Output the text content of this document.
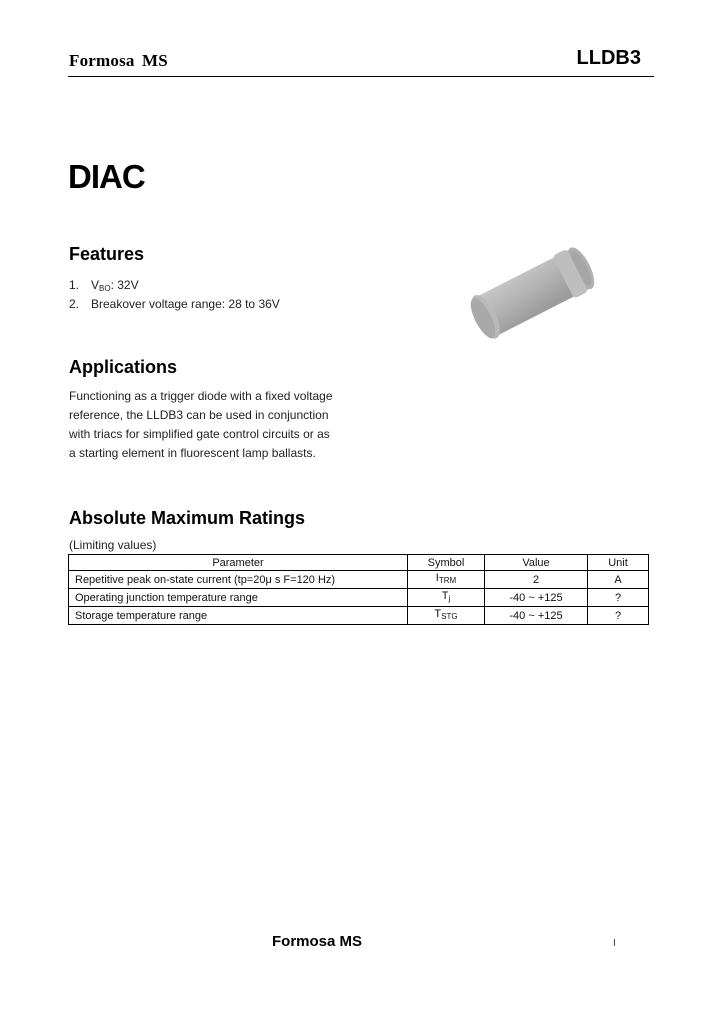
Formosa MS	LLDB3
DIAC
Features
1. $V_{BO}$: 32V
2. Breakover voltage range: 28 to 36V
Applications
Functioning as a trigger diode with a fixed voltage reference, the LLDB3 can be used in conjunction with triacs for simplified gate control circuits or as a starting element in fluorescent lamp ballasts.
Absolute Maximum Ratings
(Limiting values)
Parameter	Symbol	Value	Unit
Repetitive peak on-state current (tp=20μ s F=120 Hz)	$I_{TRM}$	2	A
Operating junction temperature range	$T_j$	-40 ~ +125	?
Storage temperature range	$T_{STG}$	-40 ~ +125	?
Formosa MS	I
